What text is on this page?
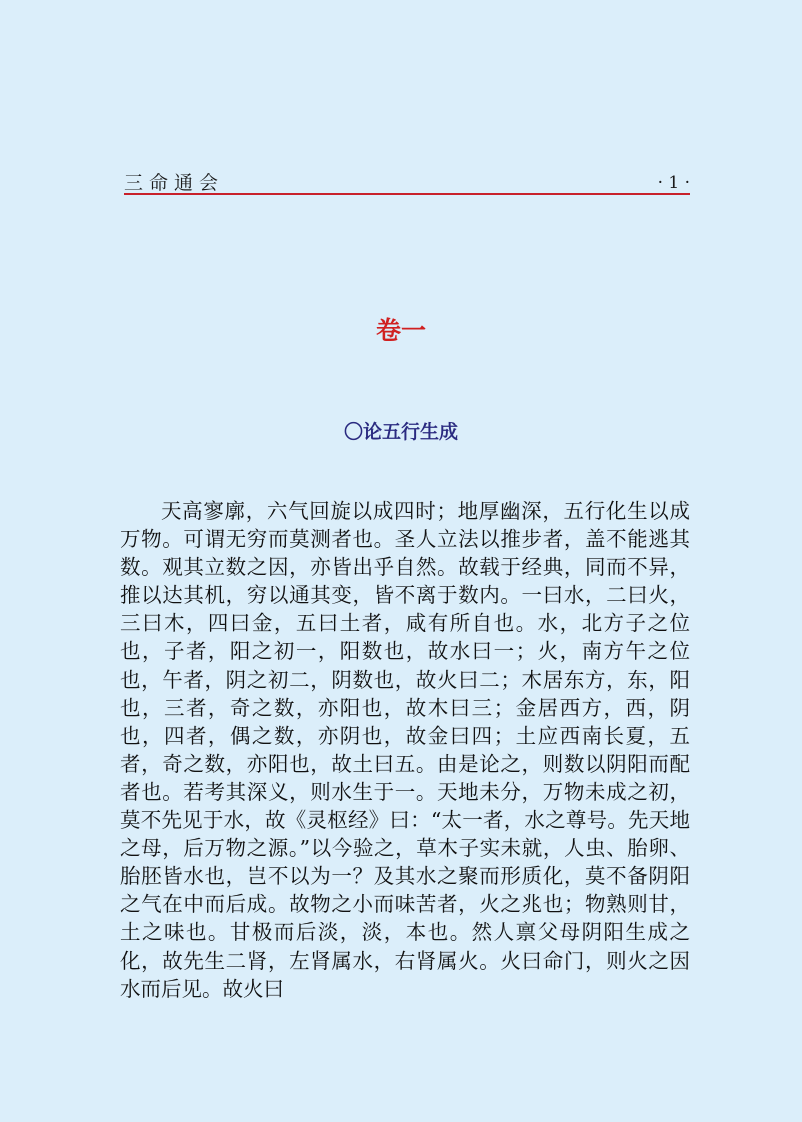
三命通会	· 1 ·
卷一
〇论五行生成

天高寥廓，六气回旋以成四时；地厚幽深，五行化生以成万物。可谓无穷而莫测者也。圣人立法以推步者，盖不能逃其数。观其立数之因，亦皆出乎自然。故载于经典，同而不异，推以达其机，穷以通其变，皆不离于数内。一曰水，二曰火，三曰木，四曰金，五曰土者，咸有所自也。水，北方子之位也，子者，阳之初一，阳数也，故水曰一；火，南方午之位也，午者，阴之初二，阴数也，故火曰二；木居东方，东，阳也，三者，奇之数，亦阳也，故木曰三；金居西方，西，阴也，四者，偶之数，亦阴也，故金曰四；土应西南长夏，五者，奇之数，亦阳也，故土曰五。由是论之，则数以阴阳而配者也。若考其深义，则水生于一。天地未分，万物未成之初，莫不先见于水，故《灵枢经》曰：“太一者，水之尊号。先天地之母，后万物之源。”以今验之，草木子实未就，人虫、胎卵、胎胚皆水也，岂不以为一？及其水之聚而形质化，莫不备阴阳之气在中而后成。故物之小而味苦者，火之兆也；物熟则甘，土之味也。甘极而后淡，淡，本也。然人禀父母阴阳生成之化，故先生二肾，左肾属水，右肾属火。火曰命门，则火之因水而后见。故火曰
